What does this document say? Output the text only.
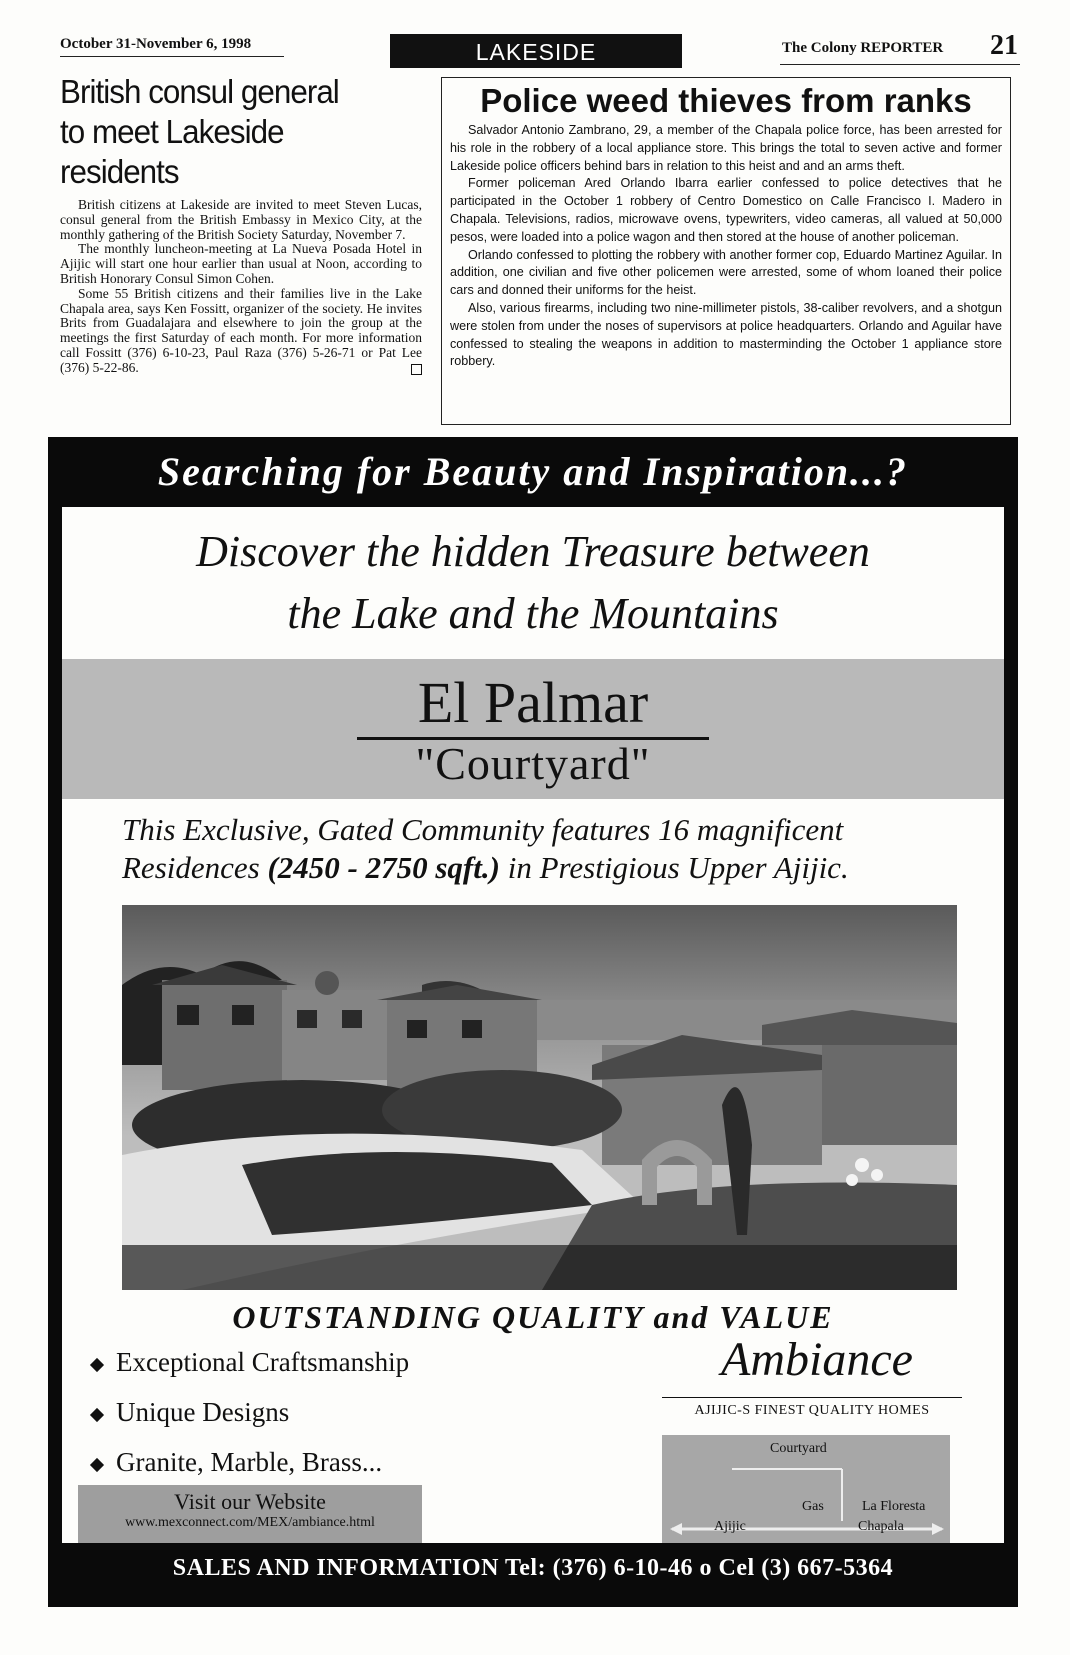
October 31-November 6, 1998	LAKESIDE	The Colony REPORTER 21
British consul general
to meet Lakeside residents

British citizens at Lakeside are invited to meet Steven Lucas, consul general from the British Embassy in Mexico City, at the monthly gathering of the British Society Saturday, November 7.

The monthly luncheon-meeting at La Nueva Posada Hotel in Ajijic will start one hour earlier than usual at Noon, according to British Honorary Consul Simon Cohen.

Some 55 British citizens and their families live in the Lake Chapala area, says Ken Fossitt, organizer of the society. He invites Brits from Guadalajara and elsewhere to join the group at the meetings the first Saturday of each month. For more information call Fossitt (376) 6-10-23, Paul Raza (376) 5-26-71 or Pat Lee (376) 5-22-86.

Police weed thieves from ranks

Salvador Antonio Zambrano, 29, a member of the Chapala police force, has been arrested for his role in the robbery of a local appliance store. This brings the total to seven active and former Lakeside police officers behind bars in relation to this heist and and an arms theft.

Former policeman Ared Orlando Ibarra earlier confessed to police detectives that he participated in the October 1 robbery of Centro Domestico on Calle Francisco I. Madero in Chapala. Televisions, radios, microwave ovens, typewriters, video cameras, all valued at 50,000 pesos, were loaded into a police wagon and then stored at the house of another policeman.

Orlando confessed to plotting the robbery with another former cop, Eduardo Martinez Aguilar. In addition, one civilian and five other policemen were arrested, some of whom loaned their police cars and donned their uniforms for the heist.

Also, various firearms, including two nine-millimeter pistols, 38-caliber revolvers, and a shotgun were stolen from under the noses of supervisors at police headquarters. Orlando and Aguilar have confessed to stealing the weapons in addition to masterminding the October 1 appliance store robbery.

Searching for Beauty and Inspiration...?
Discover the hidden Treasure between
the Lake and the Mountains
El Palmar
"Courtyard"
This Exclusive, Gated Community features 16 magnificent
Residences (2450 - 2750 sqft.) in Prestigious Upper Ajijic.
OUTSTANDING QUALITY and VALUE
Exceptional Craftsmanship
Unique Designs
Granite, Marble, Brass...
Ambiance
AJIJIC-S FINEST QUALITY HOMES
Courtyard
Gas	La Floresta
Ajijic	Chapala
Visit our Website
www.mexconnect.com/MEX/ambiance.html
SALES AND INFORMATION Tel: (376) 6-10-46 o Cel (3) 667-5364
